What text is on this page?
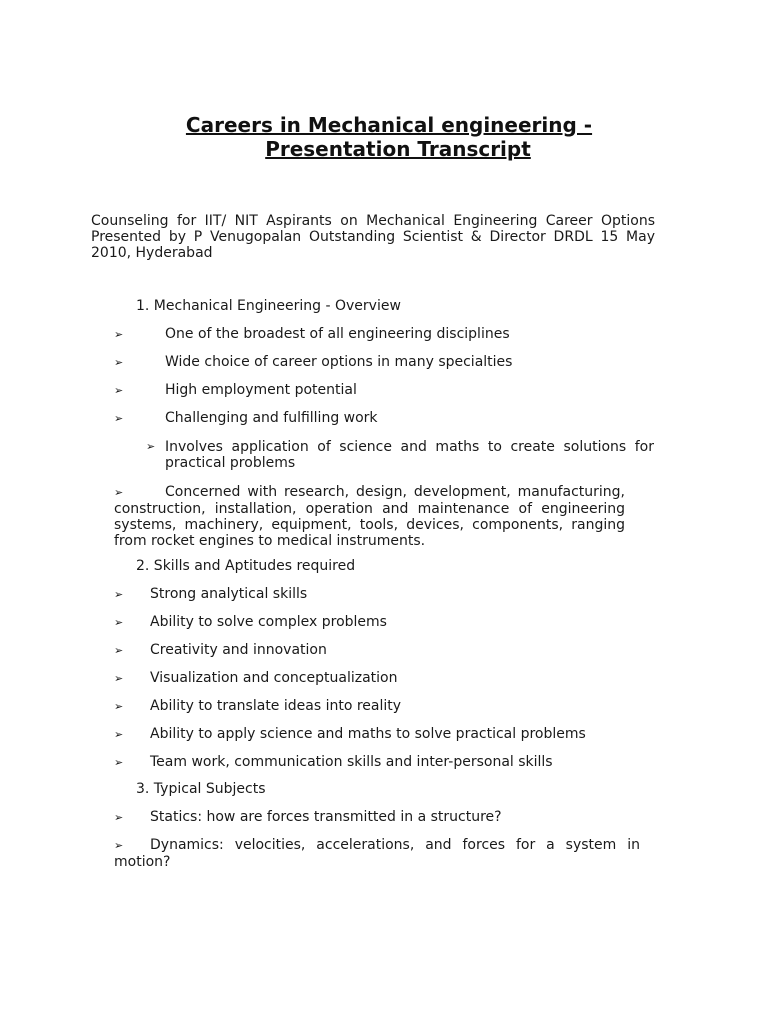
Careers in Mechanical engineering -
Presentation Transcript

Counseling for IIT/ NIT Aspirants on Mechanical Engineering Career Options Presented by P Venugopalan Outstanding Scientist & Director DRDL 15 May 2010, Hyderabad

1. Mechanical Engineering - Overview

➢	One of the broadest of all engineering disciplines

➢	Wide choice of career options in many specialties

➢	High employment potential

➢	Challenging and fulfilling work

➢ Involves application of science and maths to create solutions for practical problems

➢	Concerned with research, design, development, manufacturing, construction, installation, operation and maintenance of engineering systems, machinery, equipment, tools, devices, components, ranging from rocket engines to medical instruments.

2. Skills and Aptitudes required

➢ Strong analytical skills

➢ Ability to solve complex problems

➢ Creativity and innovation

➢ Visualization and conceptualization

➢ Ability to translate ideas into reality

➢ Ability to apply science and maths to solve practical problems

➢ Team work, communication skills and inter-personal skills

3. Typical Subjects

➢ Statics: how are forces transmitted in a structure?

➢ Dynamics: velocities, accelerations, and forces for a system in motion?
